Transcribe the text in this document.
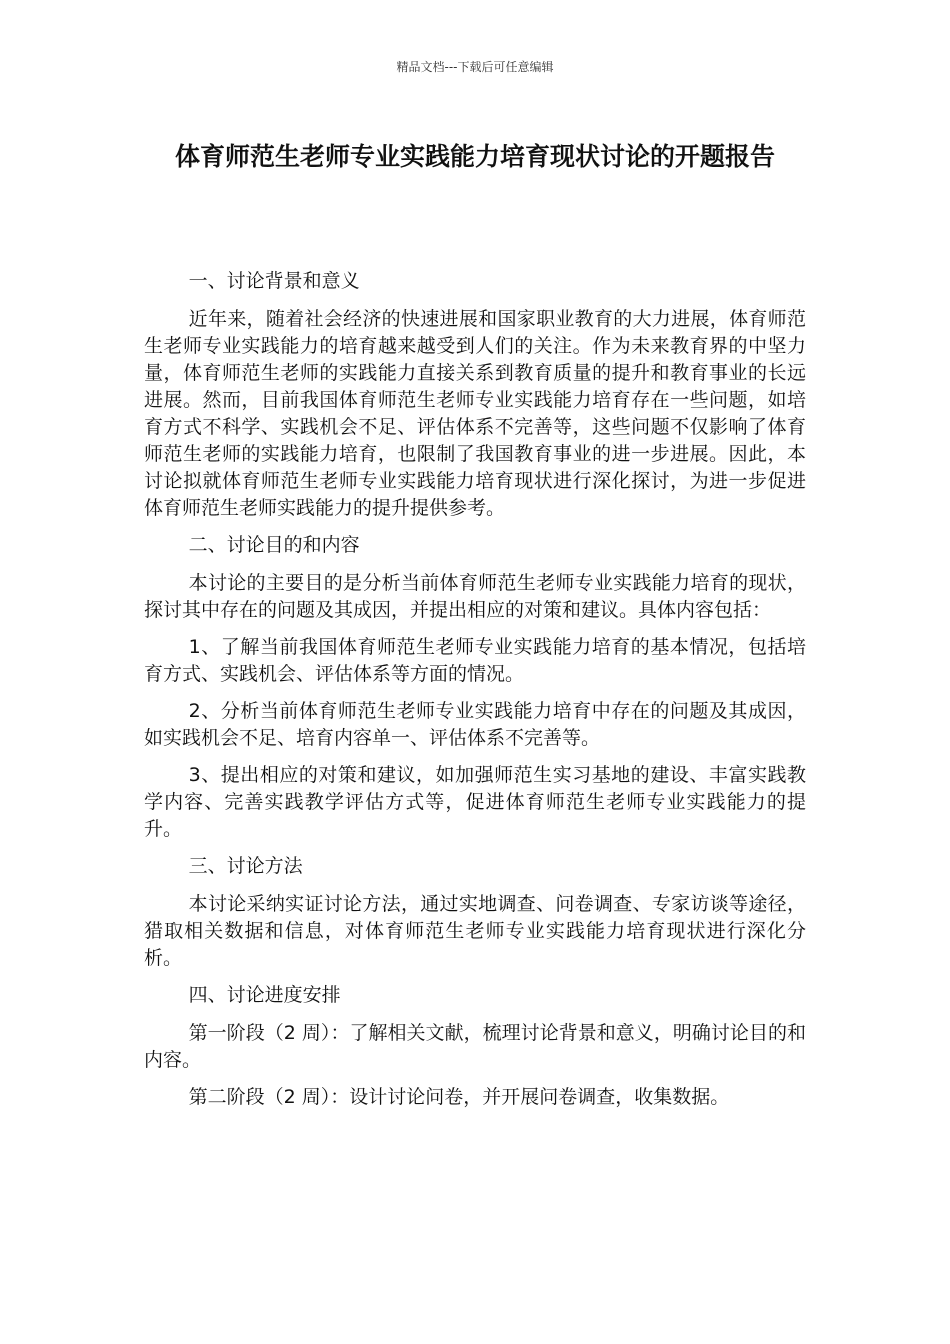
精品文档---下载后可任意编辑
体育师范生老师专业实践能力培育现状讨论的开题报告

一、讨论背景和意义

近年来，随着社会经济的快速进展和国家职业教育的大力进展，体育师范生老师专业实践能力的培育越来越受到人们的关注。作为未来教育界的中坚力量，体育师范生老师的实践能力直接关系到教育质量的提升和教育事业的长远进展。然而，目前我国体育师范生老师专业实践能力培育存在一些问题，如培育方式不科学、实践机会不足、评估体系不完善等，这些问题不仅影响了体育师范生老师的实践能力培育，也限制了我国教育事业的进一步进展。因此，本讨论拟就体育师范生老师专业实践能力培育现状进行深化探讨，为进一步促进体育师范生老师实践能力的提升提供参考。

二、讨论目的和内容

本讨论的主要目的是分析当前体育师范生老师专业实践能力培育的现状，探讨其中存在的问题及其成因，并提出相应的对策和建议。具体内容包括：

1、了解当前我国体育师范生老师专业实践能力培育的基本情况，包括培育方式、实践机会、评估体系等方面的情况。

2、分析当前体育师范生老师专业实践能力培育中存在的问题及其成因，如实践机会不足、培育内容单一、评估体系不完善等。

3、提出相应的对策和建议，如加强师范生实习基地的建设、丰富实践教学内容、完善实践教学评估方式等，促进体育师范生老师专业实践能力的提升。

三、讨论方法

本讨论采纳实证讨论方法，通过实地调查、问卷调查、专家访谈等途径，猎取相关数据和信息，对体育师范生老师专业实践能力培育现状进行深化分析。

四、讨论进度安排

第一阶段（2 周）：了解相关文献，梳理讨论背景和意义，明确讨论目的和内容。

第二阶段（2 周）：设计讨论问卷，并开展问卷调查，收集数据。
